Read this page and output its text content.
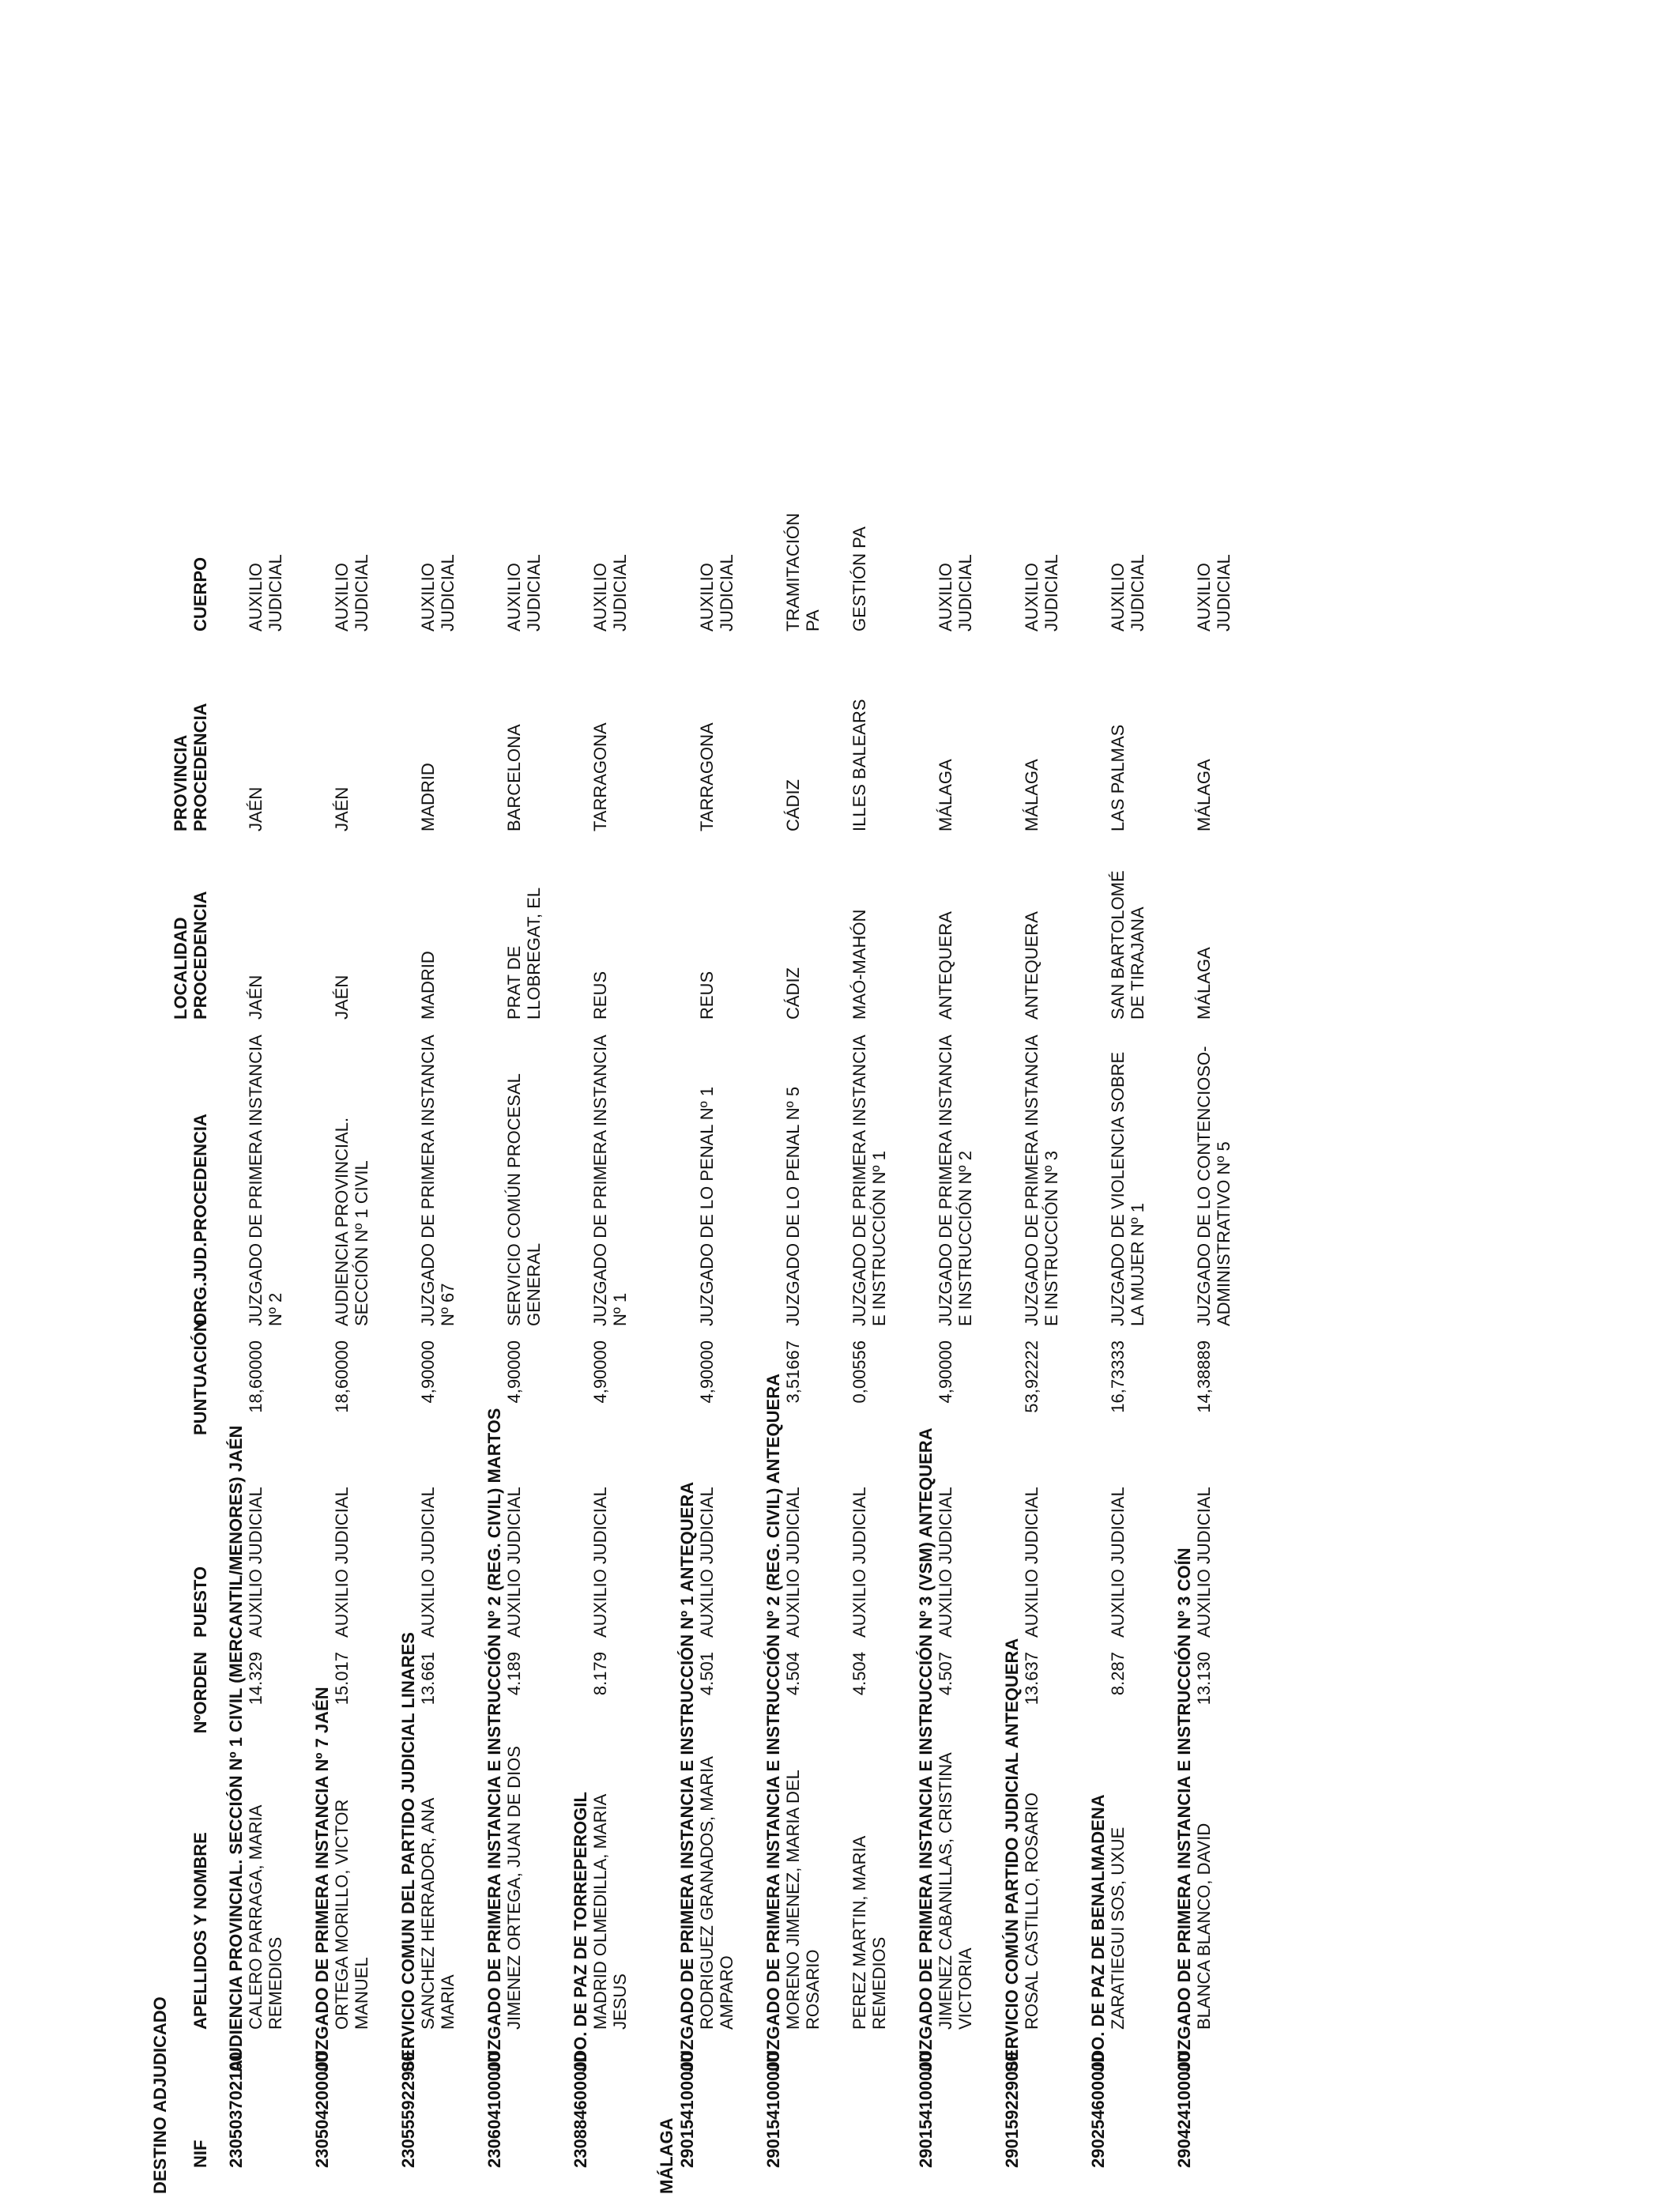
DESTINO ADJUDICADO NIF
APELLIDOS Y NOMBRE
NºORDEN
PUESTO
PUNTUACIÓN
ORG.JUD.PROCEDENCIA
LOCALIDAD PROCEDENCIA
PROVINCIA PROCEDENCIA
CUERPO
230503702100
AUDIENCIA PROVINCIAL. SECCIÓN Nº 1 CIVIL (MERCANTIL/MENORES) JAÉN CALERO PARRAGA, MARIA REMEDIOS
14.329
AUXILIO JUDICIAL
18,60000
JUZGADO DE PRIMERA INSTANCIA Nº 2
JAÉN
JAÉN
AUXILIO JUDICIAL
230504200000
JUZGADO DE PRIMERA INSTANCIA Nº 7 JAÉN ORTEGA MORILLO, VICTOR MANUEL
15.017
AUXILIO JUDICIAL
18,60000
AUDIENCIA PROVINCIAL. SECCIÓN Nº 1 CIVIL
JAÉN
JAÉN
AUXILIO JUDICIAL
230555922900
SERVICIO COMUN DEL PARTIDO JUDICIAL LINARES SANCHEZ HERRADOR, ANA MARIA
13.661
AUXILIO JUDICIAL
4,90000
JUZGADO DE PRIMERA INSTANCIA Nº 67
MADRID
MADRID
AUXILIO JUDICIAL
230604100000
JUZGADO DE PRIMERA INSTANCIA E INSTRUCCIÓN Nº 2 (REG. CIVIL) MARTOS JIMENEZ ORTEGA, JUAN DE DIOS
4.189
AUXILIO JUDICIAL
4,90000
SERVICIO COMÚN PROCESAL GENERAL
PRAT DE LLOBREGAT, EL
BARCELONA
AUXILIO JUDICIAL
230884600000
JDO. DE PAZ DE TORREPEROGIL MADRID OLMEDILLA, MARIA JESUS
8.179
AUXILIO JUDICIAL
4,90000
JUZGADO DE PRIMERA INSTANCIA Nº 1
REUS
TARRAGONA
AUXILIO JUDICIAL
MÁLAGA 290154100000
JUZGADO DE PRIMERA INSTANCIA E INSTRUCCIÓN Nº 1 ANTEQUERA RODRIGUEZ GRANADOS, MARIA AMPARO
4.501
AUXILIO JUDICIAL
4,90000
JUZGADO DE LO PENAL Nº 1
REUS
TARRAGONA
AUXILIO JUDICIAL
290154100000
JUZGADO DE PRIMERA INSTANCIA E INSTRUCCIÓN Nº 2 (REG. CIVIL) ANTEQUERA MORENO JIMENEZ, MARIA DEL ROSARIO
4.504
AUXILIO JUDICIAL
3,51667
JUZGADO DE LO PENAL Nº 5
CÁDIZ
CÁDIZ
TRAMITACIÓN PA
PEREZ MARTIN, MARIA REMEDIOS
4.504
AUXILIO JUDICIAL
0,00556
JUZGADO DE PRIMERA INSTANCIA E INSTRUCCIÓN Nº 1
MAÓ-MAHÓN
ILLES BALEARS
GESTIÓN PA
290154100000
JUZGADO DE PRIMERA INSTANCIA E INSTRUCCIÓN Nº 3 (VSM) ANTEQUERA JIMENEZ CABANILLAS, CRISTINA VICTORIA
4.507
AUXILIO JUDICIAL
4,90000
JUZGADO DE PRIMERA INSTANCIA E INSTRUCCIÓN Nº 2
ANTEQUERA
MÁLAGA
AUXILIO JUDICIAL
290159229000
SERVICIO COMÚN PARTIDO JUDICIAL ANTEQUERA ROSAL CASTILLO, ROSARIO
13.637
AUXILIO JUDICIAL
53,92222
JUZGADO DE PRIMERA INSTANCIA E INSTRUCCIÓN Nº 3
ANTEQUERA
MÁLAGA
AUXILIO JUDICIAL
290254600000
JDO. DE PAZ DE BENALMADENA ZARATIEGUI SOS, UXUE
8.287
AUXILIO JUDICIAL
16,73333
JUZGADO DE VIOLENCIA SOBRE LA MUJER Nº 1
SAN BARTOLOMÉ DE TIRAJANA
LAS PALMAS
AUXILIO JUDICIAL
290424100000
JUZGADO DE PRIMERA INSTANCIA E INSTRUCCIÓN Nº 3 COÍN BLANCA BLANCO, DAVID
13.130
AUXILIO JUDICIAL
14,38889
JUZGADO DE LO CONTENCIOSO-ADMINISTRATIVO Nº 5
MÁLAGA
MÁLAGA
AUXILIO JUDICIAL
